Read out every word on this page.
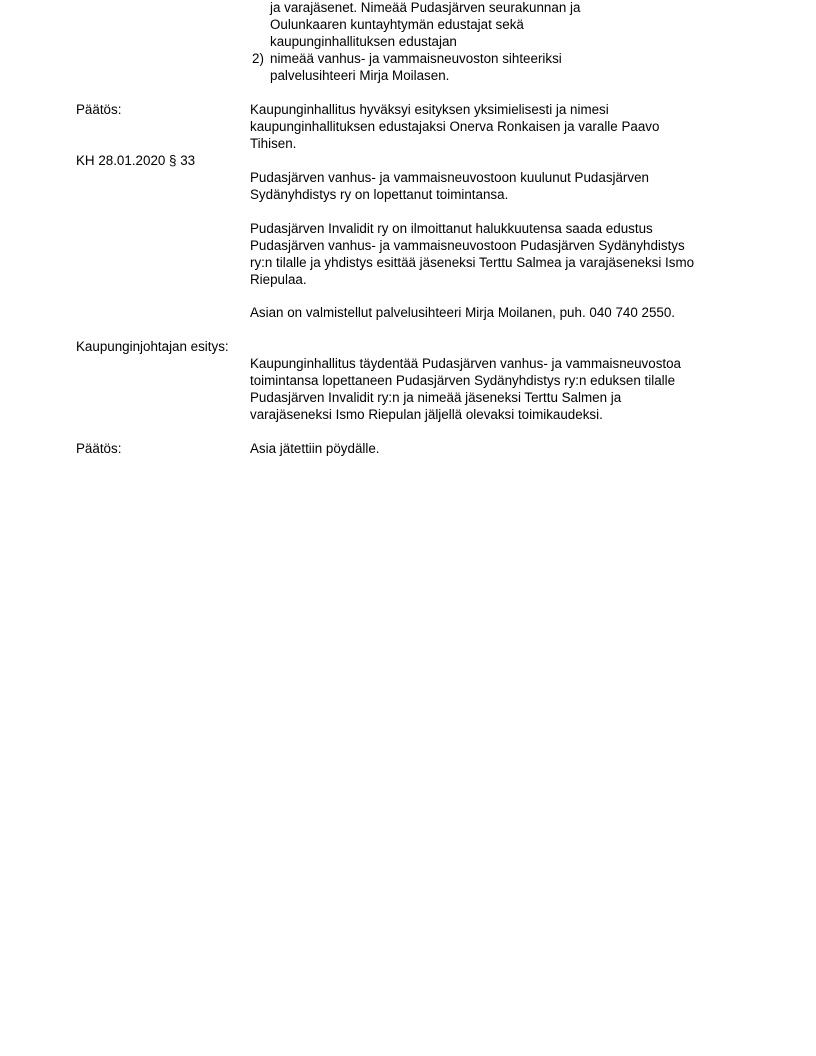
ja varajäsenet. Nimeää Pudasjärven seurakunnan ja
Oulunkaaren kuntayhtymän edustajat sekä
kaupunginhallituksen edustajan
2) nimeää vanhus- ja vammaisneuvoston sihteeriksi
palvelusihteeri Mirja Moilasen.
Päätös:	Kaupunginhallitus hyväksyi esityksen yksimielisesti ja nimesi
kaupunginhallituksen edustajaksi Onerva Ronkaisen ja varalle Paavo
Tihisen.
KH 28.01.2020 § 33
Pudasjärven vanhus- ja vammaisneuvostoon kuulunut Pudasjärven
Sydänyhdistys ry on lopettanut toimintansa.
Pudasjärven Invalidit ry on ilmoittanut halukkuutensa saada edustus
Pudasjärven vanhus- ja vammaisneuvostoon Pudasjärven Sydänyhdistys
ry:n tilalle ja yhdistys esittää jäseneksi Terttu Salmea ja varajäseneksi Ismo
Riepulaa.
Asian on valmistellut palvelusihteeri Mirja Moilanen, puh. 040 740 2550.
Kaupunginjohtajan esitys:
Kaupunginhallitus täydentää Pudasjärven vanhus- ja vammaisneuvostoa
toimintansa lopettaneen Pudasjärven Sydänyhdistys ry:n eduksen tilalle
Pudasjärven Invalidit ry:n ja nimeää jäseneksi Terttu Salmen ja
varajäseneksi Ismo Riepulan jäljellä olevaksi toimikaudeksi.
Päätös:	Asia jätettiin pöydälle.
